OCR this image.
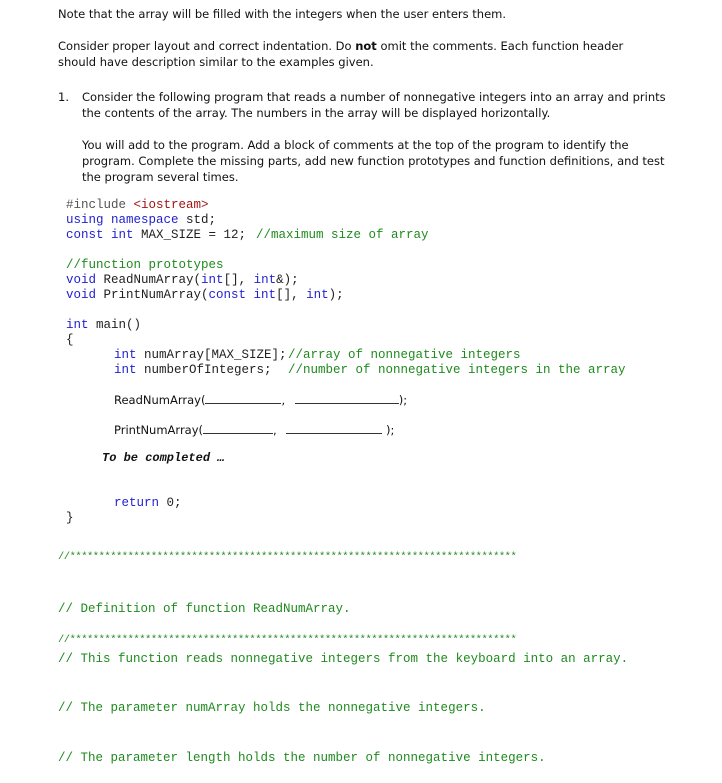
Note that the array will be filled with the integers when the user enters them.
Consider proper layout and correct indentation. Do not omit the comments. Each function header
should have description similar to the examples given.
1. Consider the following program that reads a number of nonnegative integers into an array and prints
the contents of the array. The numbers in the array will be displayed horizontally.
You will add to the program. Add a block of comments at the top of the program to identify the
program. Complete the missing parts, add new function prototypes and function definitions, and test
the program several times.
#include <iostream>
using namespace std;
const int MAX_SIZE = 12; //maximum size of array
//function prototypes
void ReadNumArray(int[], int&);
void PrintNumArray(const int[], int);
int main()
{
int numArray[MAX_SIZE]; //array of nonnegative integers
int numberOfIntegers; //number of nonnegative integers in the array
ReadNumArray(	,	);
PrintNumArray(	,	);
To be completed …
return 0;
}
//*****************************************************************************

// Definition of function ReadNumArray.

// This function reads nonnegative integers from the keyboard into an array.

// The parameter numArray holds the nonnegative integers.

// The parameter length holds the number of nonnegative integers.

//*****************************************************************************
